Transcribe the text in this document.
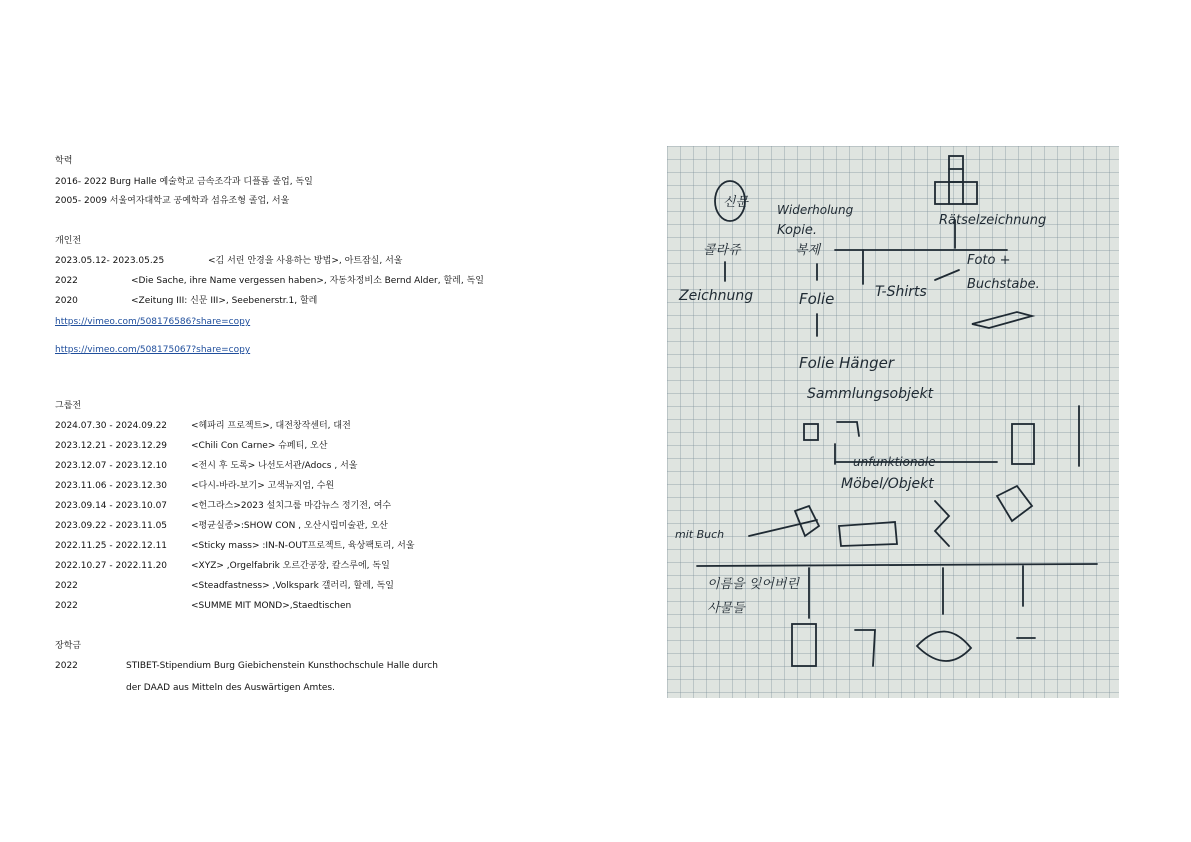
학력
2016- 2022 Burg Halle 예술학교 금속조각과 디플롬 졸업, 독일
2005- 2009 서울여자대학교 공예학과 섬유조형 졸업, 서울
개인전
2023.05.12- 2023.05.25	<김 서린 안경을 사용하는 방법>, 아트잠실, 서울
2022	<Die Sache, ihre Name vergessen haben>, 자동차정비소 Bernd Alder, 할레, 독일
2020	<Zeitung III: 신문 III>, Seebenerstr.1, 할레
https://vimeo.com/508176586?share=copy
https://vimeo.com/508175067?share=copy
그룹전
2024.07.30 - 2024.09.22	<헤파리 프로젝트>, 대전창작센터, 대전
2023.12.21 - 2023.12.29	<Chili Con Carne> 슈페티, 오산
2023.12.07 - 2023.12.10	<전시 후 도록> 나선도서관/Adocs , 서울
2023.11.06 - 2023.12.30	<다시-바라-보기> 고색뉴지엄, 수원
2023.09.14 - 2023.10.07	<헌그라스>2023 설치그룹 마감뉴스 정기전, 여수
2023.09.22 - 2023.11.05	<평균실종>:SHOW CON , 오산시립미술관, 오산
2022.11.25 - 2022.12.11	<Sticky mass> :IN-N-OUT프로젝트, 육상팩토리, 서울
2022.10.27 - 2022.11.20	<XYZ> ,Orgelfabrik 오르간공장, 칼스루에, 독일
2022	<Steadfastness> ,Volkspark 갤러리, 할레, 독일
2022	<SUMME MIT MOND>,Staedtischen
장학금
2022	STIBET-Stipendium Burg Giebichenstein Kunsthochschule Halle durch
der DAAD aus Mitteln des Auswärtigen Amtes.
신문 Widerholung
Kopie.
Rätselzeichnung
콜라쥬	복제
Foto +
Buchstabe.
Zeichnung	Folie	T-Shirts
Folie Hänger
Sammlungsobjekt
unfunktionale
Möbel/Objekt
mit Buch
이름을 잊어버린
사물들
